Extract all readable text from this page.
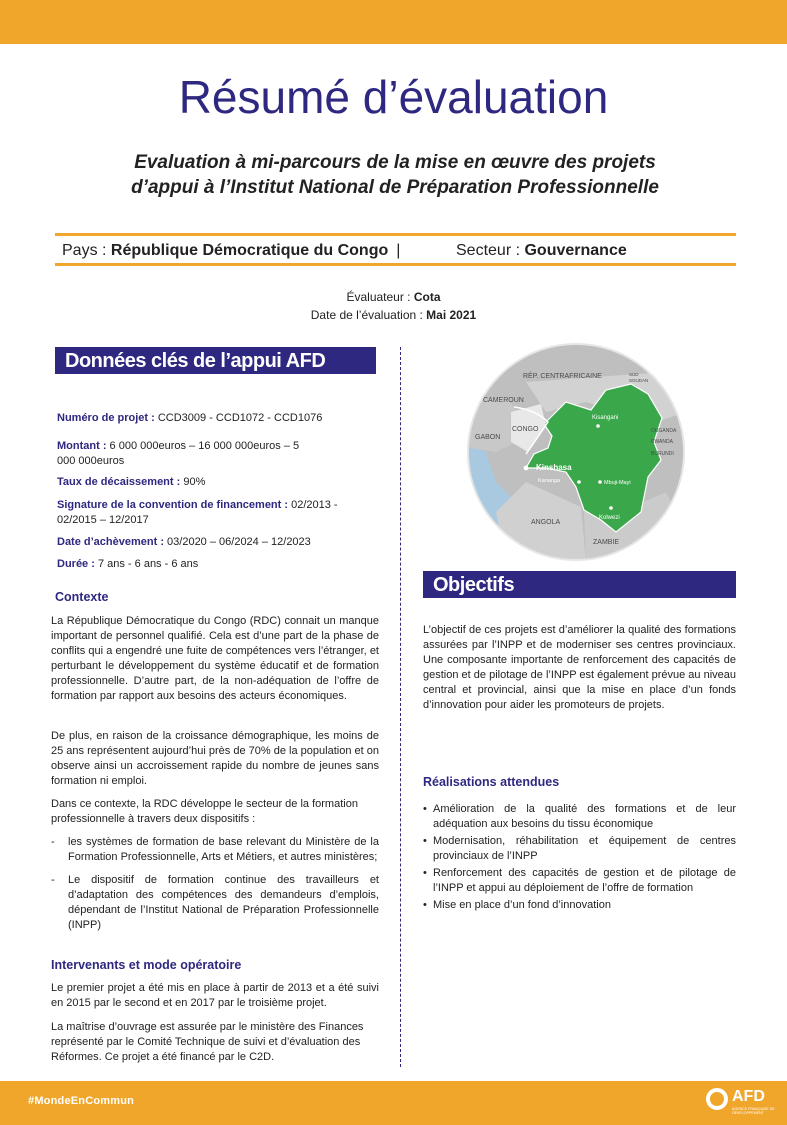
Résumé d’évaluation
Evaluation à mi-parcours de la mise en œuvre des projets
d’appui à l’Institut National de Préparation Professionnelle
Pays : République Démocratique du Congo |	Secteur : Gouvernance
Évaluateur : Cota
Date de l’évaluation : Mai 2021
Données clés de l’appui AFD
Numéro de projet : CCD3009 - CCD1072 - CCD1076
Montant : 6 000 000euros – 16 000 000euros – 5 000 000euros
Taux de décaissement : 90%
Signature de la convention de financement : 02/2013 - 02/2015 – 12/2017
Date d’achèvement : 03/2020 – 06/2024 – 12/2023
Durée : 7 ans - 6 ans - 6 ans
Contexte
La République Démocratique du Congo (RDC) connait un manque important de personnel qualifié. Cela est d’une part de la phase de conflits qui a engendré une fuite de compétences vers l’étranger, et perturbant le développement du système éducatif et de formation professionnelle. D’autre part, de la non-adéquation de l’offre de formation par rapport aux besoins des acteurs économiques.
De plus, en raison de la croissance démographique, les moins de 25 ans représentent aujourd’hui près de 70% de la population et on observe ainsi un accroissement rapide du nombre de jeunes sans formation ni emploi.
Dans ce contexte, la RDC développe le secteur de la formation professionnelle à travers deux dispositifs :
- les systèmes de formation de base relevant du Ministère de la Formation Professionnelle, Arts et Métiers, et autres ministères;
- Le dispositif de formation continue des travailleurs et d’adaptation des compétences des demandeurs d’emplois, dépendant de l’Institut National de Préparation Professionnelle (INPP)
Intervenants et mode opératoire
Le premier projet a été mis en place à partir de 2013 et a été suivi en 2015 par le second et en 2017 par le troisième projet.
La maîtrise d’ouvrage est assurée par le ministère des Finances représenté par le Comité Technique de suivi et d’évaluation des Réformes. Ce projet a été financé par le C2D.
RÉP. CENTRAFRICAINE	SUD
SOUDAN
CAMEROUN
CONGO
GABON
OUGANDA
RWANDA
BURUNDI
ANGOLA
ZAMBIE
Kisangani
Kinshasa
Kananga	Mbuji-Mayi
Kolwezi
Objectifs
L’objectif de ces projets est d’améliorer la qualité des formations assurées par l’INPP et de moderniser ses centres provinciaux. Une composante importante de renforcement des capacités de gestion et de pilotage de l’INPP est également prévue au niveau central et provincial, ainsi que la mise en place d’un fonds d’innovation pour aider les promoteurs de projets.
Réalisations attendues
• Amélioration de la qualité des formations et de leur adéquation aux besoins du tissu économique
• Modernisation, réhabilitation et équipement de centres provinciaux de l’INPP
• Renforcement des capacités de gestion et de pilotage de l’INPP et appui au déploiement de l’offre de formation
• Mise en place d’un fond d’innovation
#MondeEnCommun	AFD
AGENCE FRANÇAISE DE DÉVELOPPEMENT
